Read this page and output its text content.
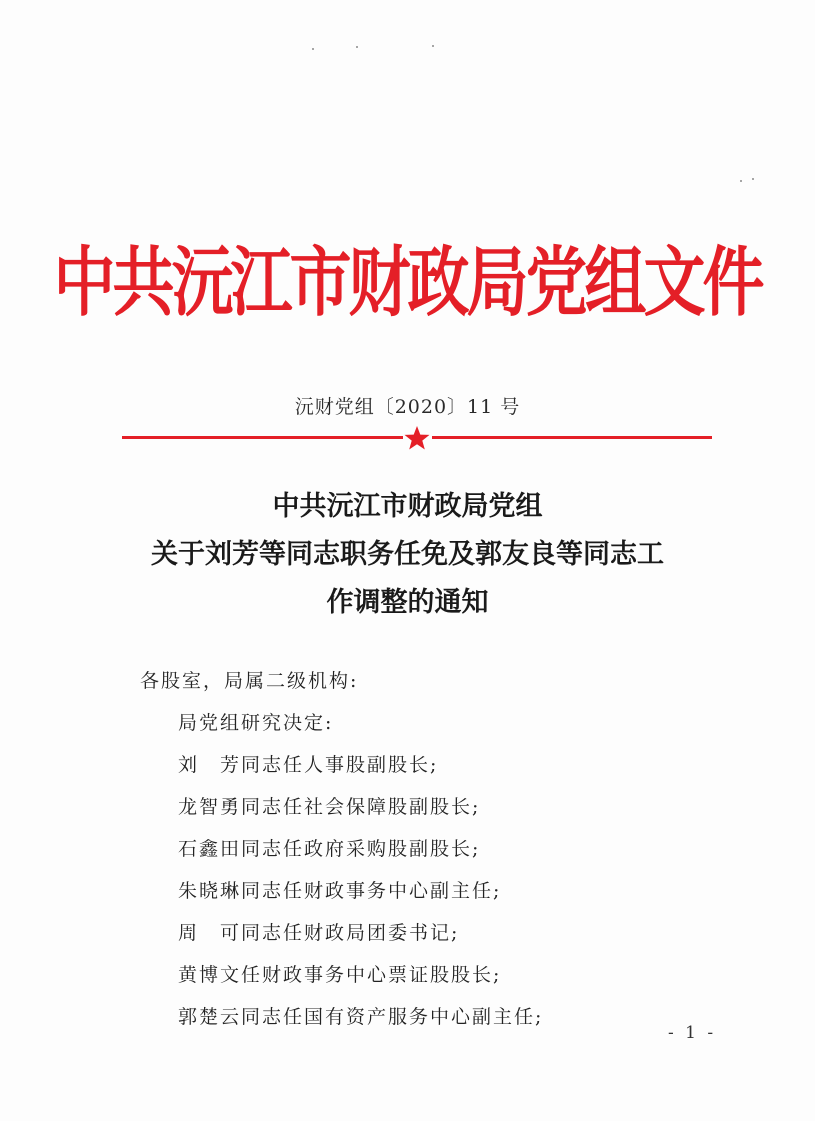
中共沅江市财政局党组文件
沅财党组〔2020〕11 号
中共沅江市财政局党组
关于刘芳等同志职务任免及郭友良等同志工
作调整的通知
各股室，局属二级机构:
局党组研究决定:
刘　芳同志任人事股副股长;
龙智勇同志任社会保障股副股长;
石鑫田同志任政府采购股副股长;
朱晓琳同志任财政事务中心副主任;
周　可同志任财政局团委书记;
黄博文任财政事务中心票证股股长;
郭楚云同志任国有资产服务中心副主任;
- 1 -
